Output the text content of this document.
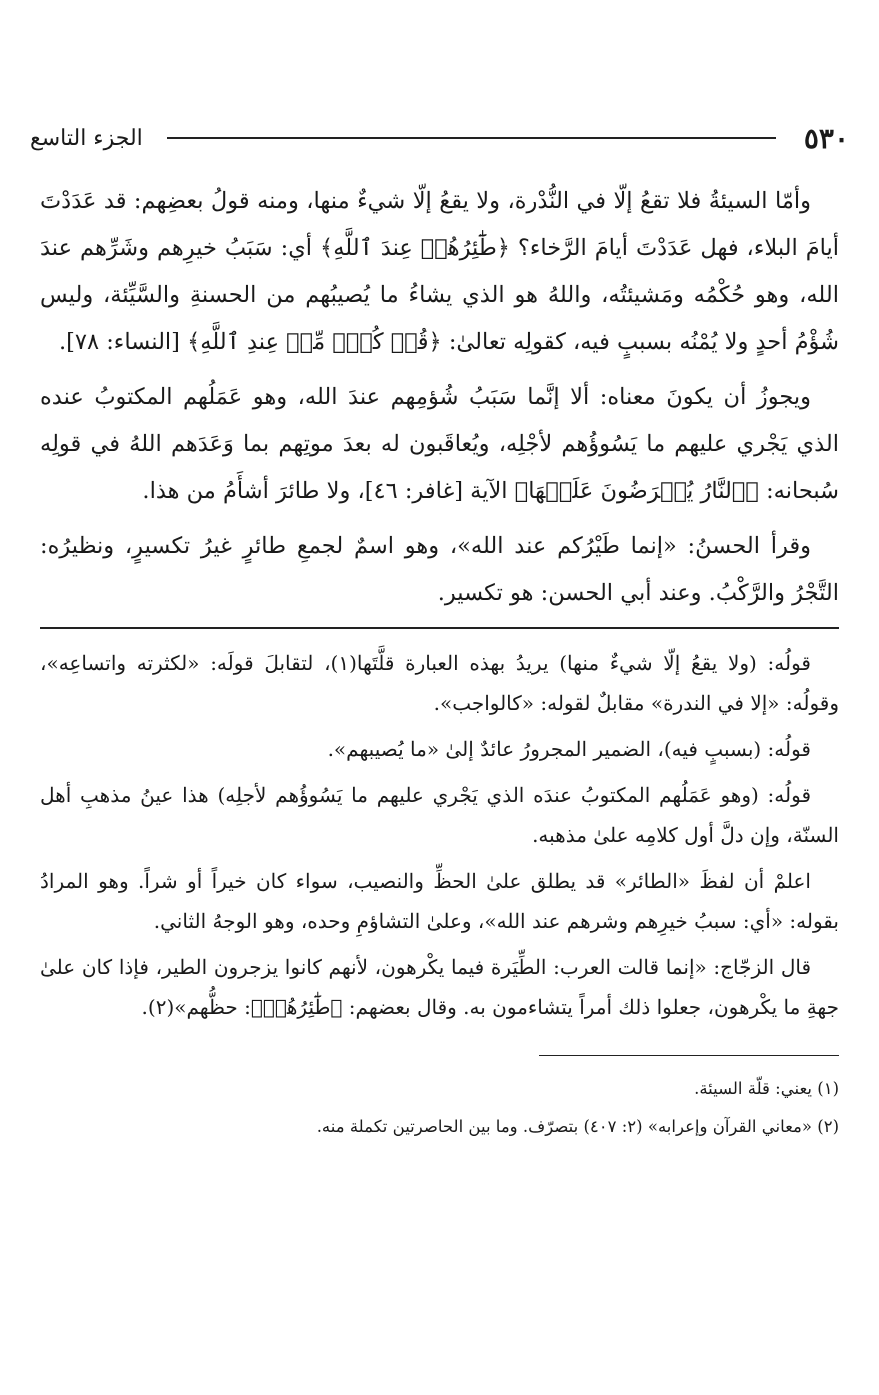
٥٣٠
الجزء التاسع

وأمّا السيئةُ فلا تقعُ إلّا في النُّدْرة، ولا يقعُ إلّا شيءٌ منها، ومنه قولُ بعضِهم: قد عَدَدْتَ أيامَ البلاء، فهل عَدَدْتَ أيامَ الرَّخاء؟ ﴿طَٰٓئِرُهُمۡ عِندَ ٱللَّهِ﴾ أي: سَبَبُ خيرِهم وشَرِّهم عندَ الله، وهو حُكْمُه ومَشيئتُه، واللهُ هو الذي يشاءُ ما يُصيبُهم من الحسنةِ والسَّيِّئة، وليس شُؤْمُ أحدٍ ولا يُمْنُه بسببٍ فيه، كقولِه تعالىٰ: ﴿قُلۡ كُلّٞ مِّنۡ عِندِ ٱللَّهِ﴾ [النساء: ٧٨].

ويجوزُ أن يكونَ معناه: ألا إنَّما سَبَبُ شُؤمِهم عندَ الله، وهو عَمَلُهم المكتوبُ عنده الذي يَجْري عليهم ما يَسُوؤُهم لأجْلِه، ويُعاقَبون له بعدَ موتِهم بما وَعَدَهم اللهُ في قولِه سُبحانه: ﴿ٱلنَّارُ يُعۡرَضُونَ عَلَيۡهَا﴾ الآية [غافر: ٤٦]، ولا طائرَ أشأَمُ من هذا.

وقرأ الحسنُ: «إنما طَيْرُكم عند الله»، وهو اسمٌ لجمعِ طائرٍ غيرُ تكسيرٍ، ونظيرُه: التَّجْرُ والرَّكْبُ. وعند أبي الحسن: هو تكسير.

قولُه: (ولا يقعُ إلّا شيءٌ منها) يريدُ بهذه العبارة قلَّتَها(١)، لتقابلَ قولَه: «لكثرته واتساعِه»، وقولُه: «إلا في الندرة» مقابلٌ لقوله: «كالواجب».

قولُه: (بسببٍ فيه)، الضمير المجرورُ عائدٌ إلىٰ «ما يُصيبهم».

قولُه: (وهو عَمَلُهم المكتوبُ عندَه الذي يَجْري عليهم ما يَسُوؤُهم لأجلِه) هذا عينُ مذهبِ أهل السنّة، وإن دلَّ أول كلامِه علىٰ مذهبه.

اعلمْ أن لفظَ «الطائر» قد يطلق علىٰ الحظِّ والنصيب، سواء كان خيراً أو شراً. وهو المرادُ بقوله: «أي: سببُ خيرِهم وشرهم عند الله»، وعلىٰ التشاؤمِ وحده، وهو الوجهُ الثاني.

قال الزجّاج: «إنما قالت العرب: الطِّيَرة فيما يكْرهون، لأنهم كانوا يزجرون الطير، فإذا كان علىٰ جهةِ ما يكْرهون، جعلوا ذلك أمراً يتشاءمون به. وقال بعضهم: ﴿طَٰٓئِرُهُمۡ﴾: حظُّهم»(٢).

(١) يعني: قلّة السيئة.

(٢) «معاني القرآن وإعرابه» (٢: ٤٠٧) بتصرّف. وما بين الحاصرتين تكملة منه.
